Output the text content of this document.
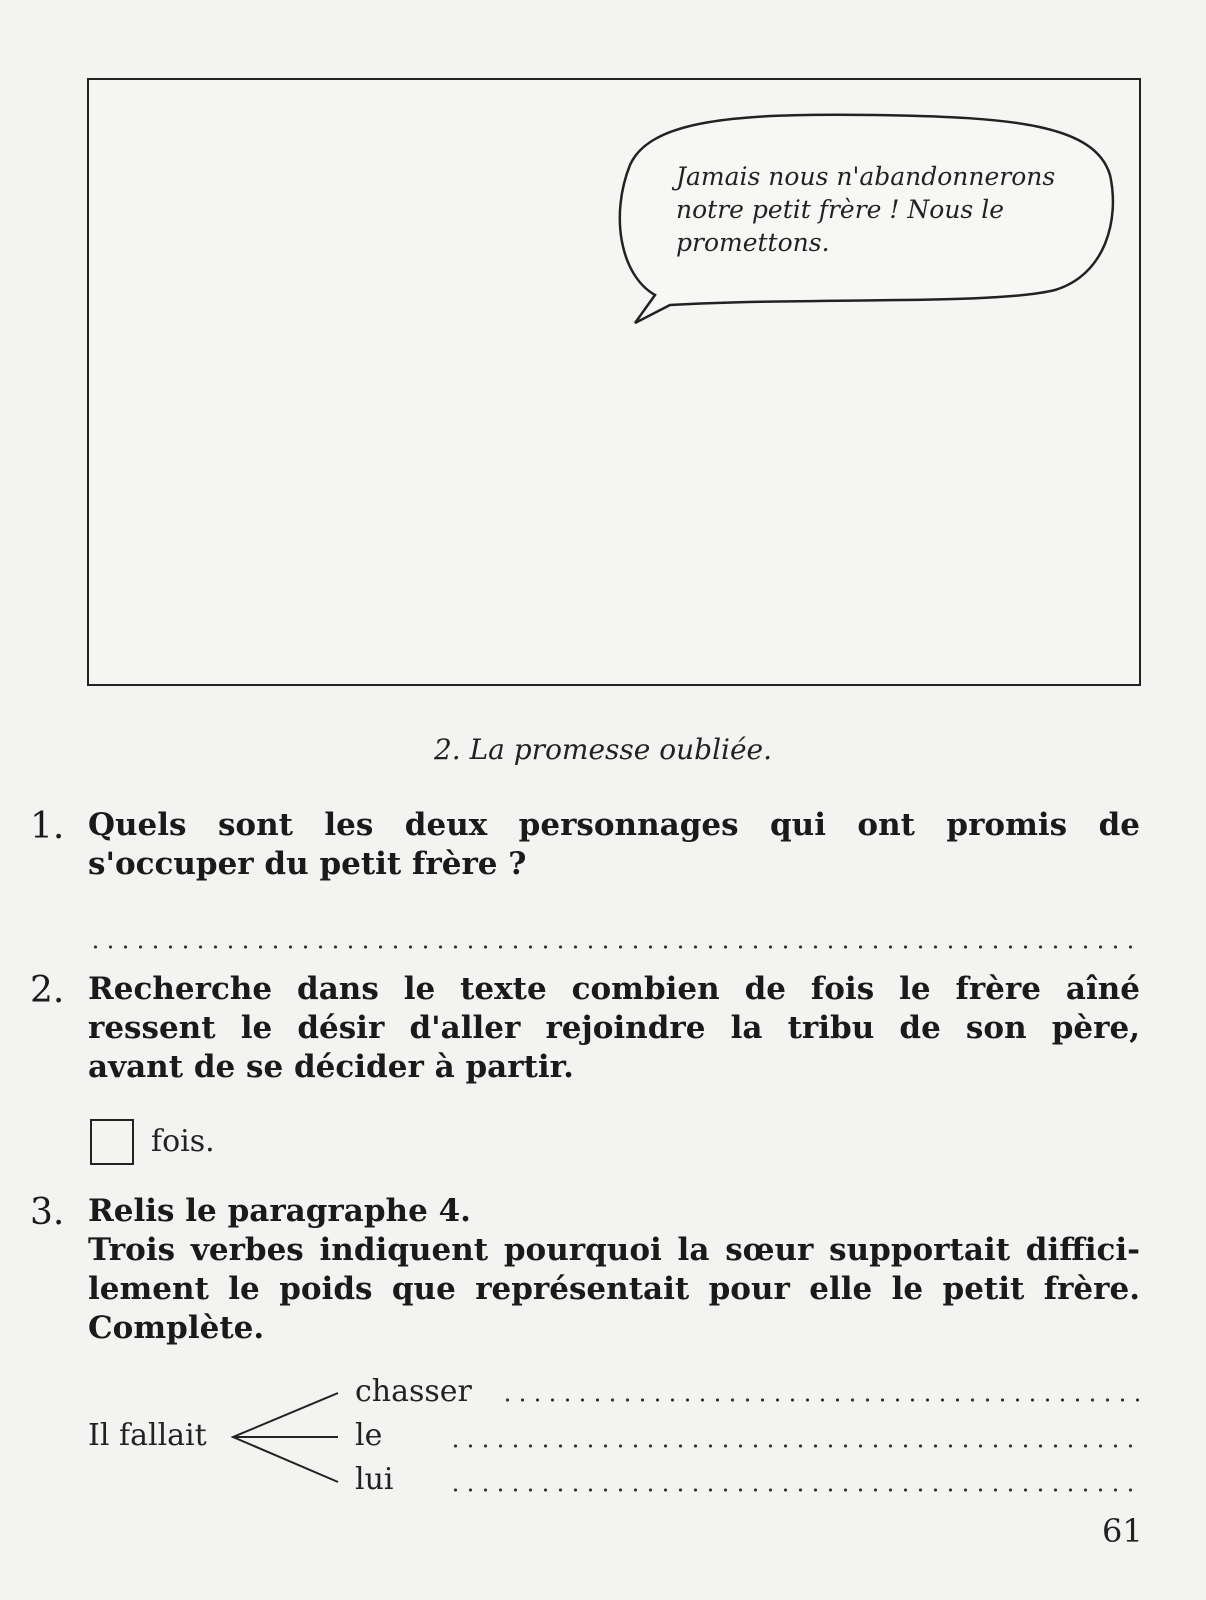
Jamais nous n'abandonnerons
notre petit frère ! Nous le
promettons.
2. La promesse oubliée.
1. Quels sont les deux personnages qui ont promis de
s'occuper du petit frère ?
2. Recherche dans le texte combien de fois le frère aîné
ressent le désir d'aller rejoindre la tribu de son père,
avant de se décider à partir.
fois.
3. Relis le paragraphe 4.
Trois verbes indiquent pourquoi la sœur supportait diffici-
lement le poids que représentait pour elle le petit frère.
Complète.
Il fallait
chasser
le
lui
61
